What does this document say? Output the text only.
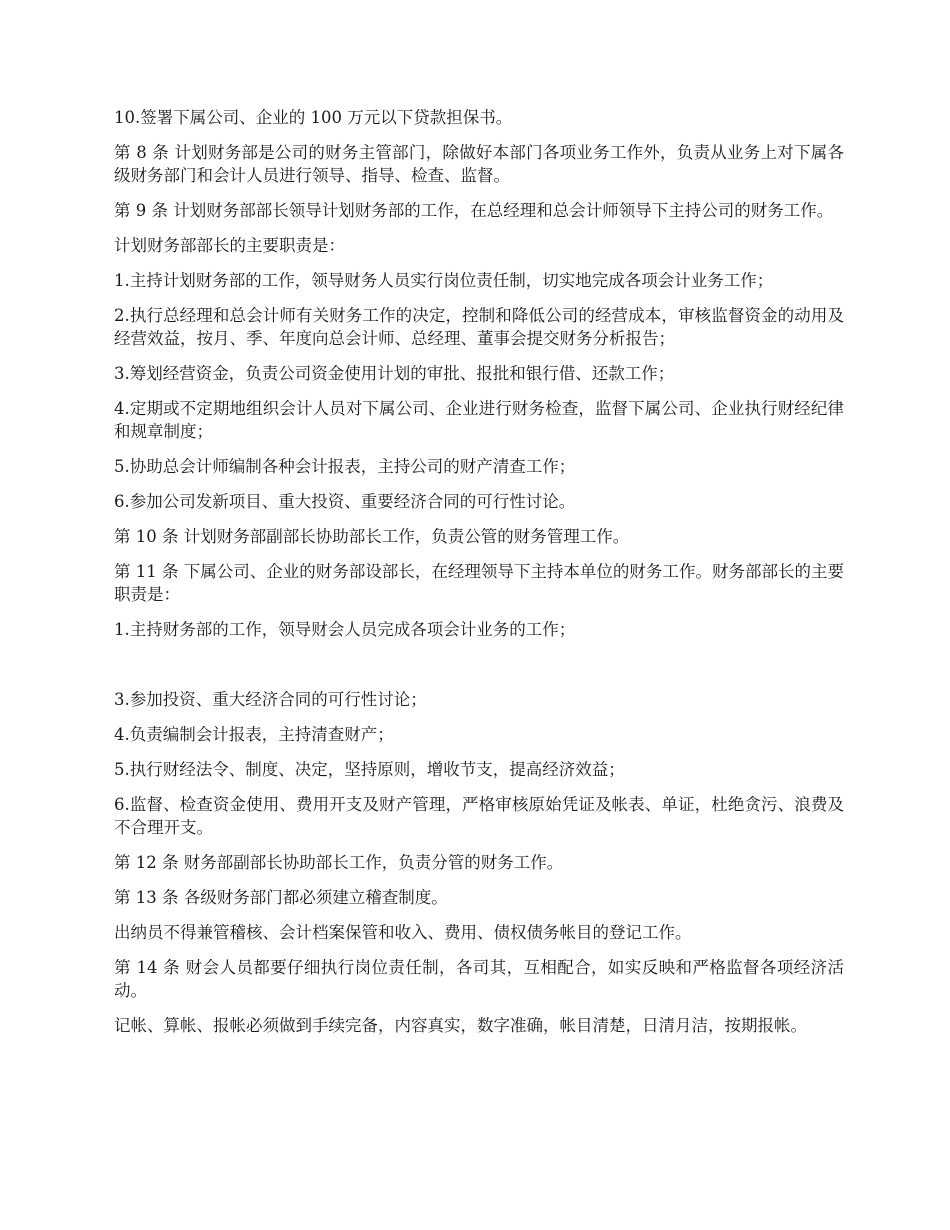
10.签署下属公司、企业的 100 万元以下贷款担保书。

第 8 条 计划财务部是公司的财务主管部门，除做好本部门各项业务工作外，负责从业务上对下属各级财务部门和会计人员进行领导、指导、检查、监督。

第 9 条 计划财务部部长领导计划财务部的工作，在总经理和总会计师领导下主持公司的财务工作。

计划财务部部长的主要职责是：

1.主持计划财务部的工作，领导财务人员实行岗位责任制，切实地完成各项会计业务工作；

2.执行总经理和总会计师有关财务工作的决定，控制和降低公司的经营成本，审核监督资金的动用及经营效益，按月、季、年度向总会计师、总经理、董事会提交财务分析报告；

3.筹划经营资金，负责公司资金使用计划的审批、报批和银行借、还款工作；

4.定期或不定期地组织会计人员对下属公司、企业进行财务检查，监督下属公司、企业执行财经纪律和规章制度；

5.协助总会计师编制各种会计报表，主持公司的财产清查工作；

6.参加公司发新项目、重大投资、重要经济合同的可行性讨论。

第 10 条 计划财务部副部长协助部长工作，负责公管的财务管理工作。

第 11 条 下属公司、企业的财务部设部长，在经理领导下主持本单位的财务工作。财务部部长的主要职责是：

1.主持财务部的工作，领导财会人员完成各项会计业务的工作；

3.参加投资、重大经济合同的可行性讨论；

4.负责编制会计报表，主持清查财产；

5.执行财经法令、制度、决定，坚持原则，增收节支，提高经济效益；

6.监督、检查资金使用、费用开支及财产管理，严格审核原始凭证及帐表、单证，杜绝贪污、浪费及不合理开支。

第 12 条 财务部副部长协助部长工作，负责分管的财务工作。

第 13 条 各级财务部门都必须建立稽查制度。

出纳员不得兼管稽核、会计档案保管和收入、费用、债权债务帐目的登记工作。

第 14 条 财会人员都要仔细执行岗位责任制，各司其，互相配合，如实反映和严格监督各项经济活动。

记帐、算帐、报帐必须做到手续完备，内容真实，数字准确，帐目清楚，日清月洁，按期报帐。
